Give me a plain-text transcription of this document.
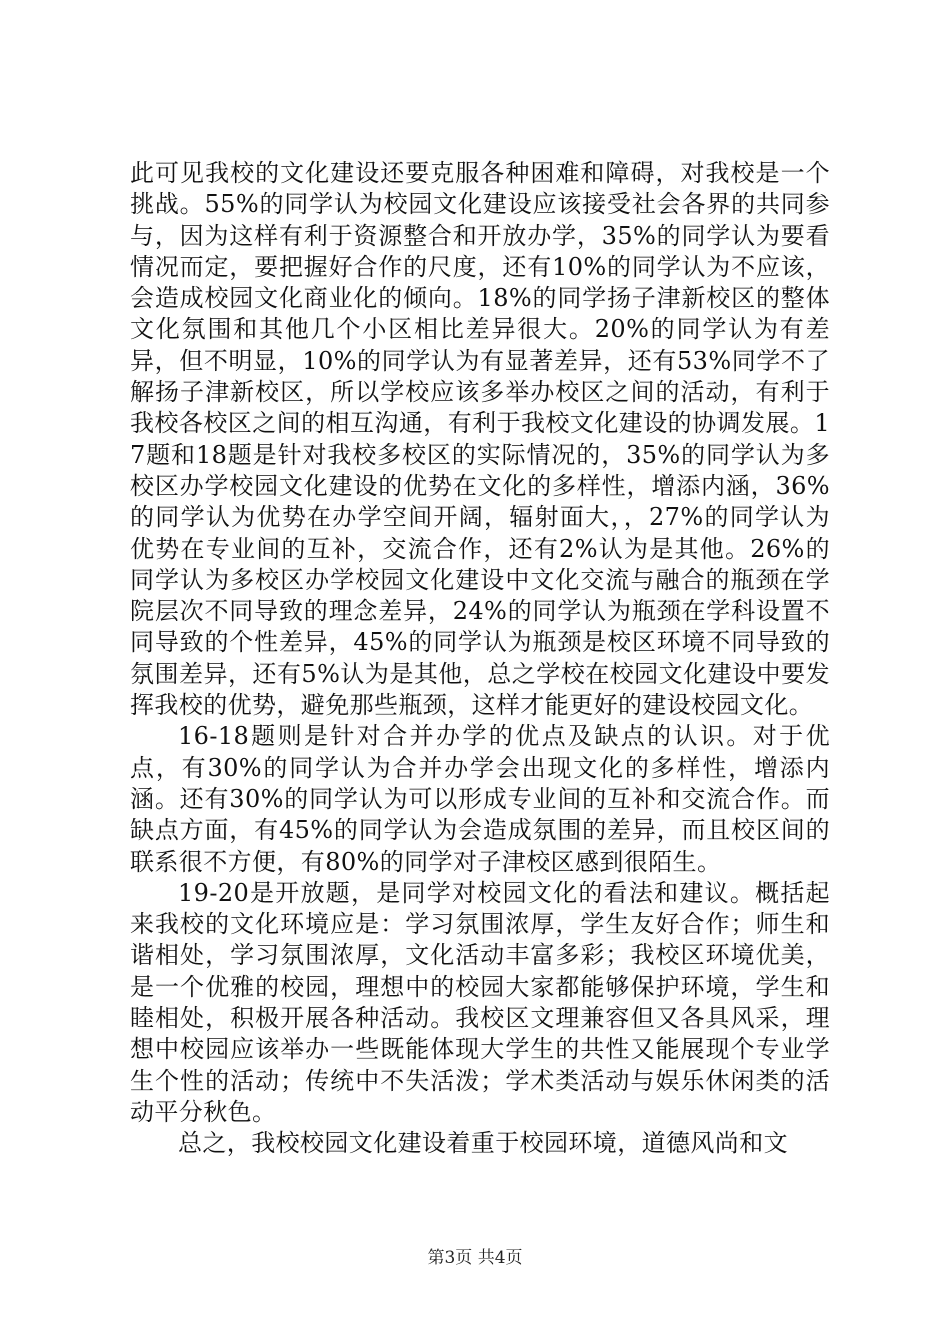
此可见我校的文化建设还要克服各种困难和障碍，对我校是一个挑战。55%的同学认为校园文化建设应该接受社会各界的共同参与，因为这样有利于资源整合和开放办学，35%的同学认为要看情况而定，要把握好合作的尺度，还有10%的同学认为不应该，会造成校园文化商业化的倾向。18%的同学扬子津新校区的整体文化氛围和其他几个小区相比差异很大。20%的同学认为有差异，但不明显，10%的同学认为有显著差异，还有53%同学不了解扬子津新校区，所以学校应该多举办校区之间的活动，有利于我校各校区之间的相互沟通，有利于我校文化建设的协调发展。17题和18题是针对我校多校区的实际情况的，35%的同学认为多校区办学校园文化建设的优势在文化的多样性，增添内涵，36%的同学认为优势在办学空间开阔，辐射面大，，27%的同学认为优势在专业间的互补，交流合作，还有2%认为是其他。26%的同学认为多校区办学校园文化建设中文化交流与融合的瓶颈在学院层次不同导致的理念差异，24%的同学认为瓶颈在学科设置不同导致的个性差异，45%的同学认为瓶颈是校区环境不同导致的氛围差异，还有5%认为是其他，总之学校在校园文化建设中要发挥我校的优势，避免那些瓶颈，这样才能更好的建设校园文化。

16-18题则是针对合并办学的优点及缺点的认识。对于优点，有30%的同学认为合并办学会出现文化的多样性，增添内涵。还有30%的同学认为可以形成专业间的互补和交流合作。而缺点方面，有45%的同学认为会造成氛围的差异，而且校区间的联系很不方便，有80%的同学对子津校区感到很陌生。

19-20是开放题，是同学对校园文化的看法和建议。概括起来我校的文化环境应是：学习氛围浓厚，学生友好合作；师生和谐相处，学习氛围浓厚，文化活动丰富多彩；我校区环境优美，是一个优雅的校园，理想中的校园大家都能够保护环境，学生和睦相处，积极开展各种活动。我校区文理兼容但又各具风采，理想中校园应该举办一些既能体现大学生的共性又能展现个专业学生个性的活动；传统中不失活泼；学术类活动与娱乐休闲类的活动平分秋色。

总之，我校校园文化建设着重于校园环境，道德风尚和文

第3页 共4页
